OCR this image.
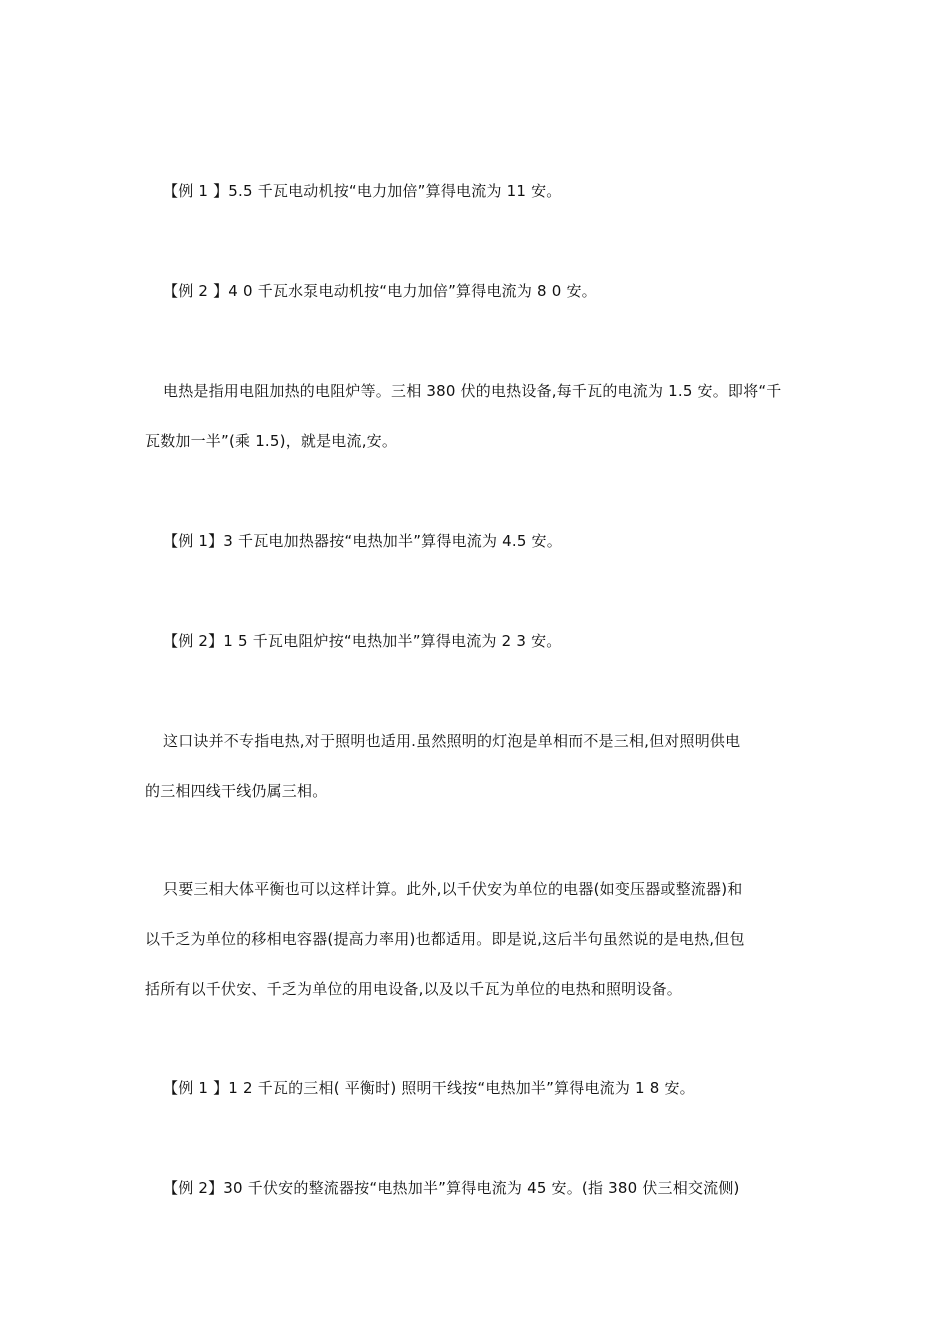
【例 1 】5.5 千瓦电动机按“电力加倍”算得电流为 11 安。
【例 2 】4 0 千瓦水泵电动机按“电力加倍”算得电流为 8 0 安。
电热是指用电阻加热的电阻炉等。三相 380 伏的电热设备,每千瓦的电流为 1.5 安。即将“千
瓦数加一半”(乘 1.5)，就是电流,安。
【例 1】3 千瓦电加热器按“电热加半”算得电流为 4.5 安。
【例 2】1 5 千瓦电阻炉按“电热加半”算得电流为 2 3 安。
这口诀并不专指电热,对于照明也适用.虽然照明的灯泡是单相而不是三相,但对照明供电
的三相四线干线仍属三相。
只要三相大体平衡也可以这样计算。此外,以千伏安为单位的电器(如变压器或整流器)和
以千乏为单位的移相电容器(提高力率用)也都适用。即是说,这后半句虽然说的是电热,但包
括所有以千伏安、千乏为单位的用电设备,以及以千瓦为单位的电热和照明设备。
【例 1 】1 2 千瓦的三相( 平衡时) 照明干线按“电热加半”算得电流为 1 8 安。
【例 2】30 千伏安的整流器按“电热加半”算得电流为 45 安。(指 380 伏三相交流侧)
